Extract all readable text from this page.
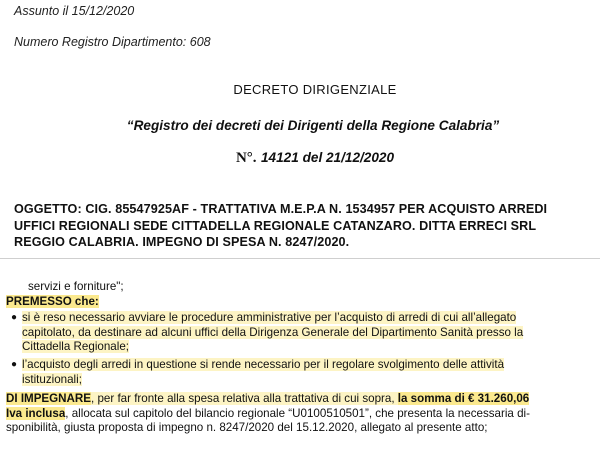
Assunto il 15/12/2020
Numero Registro Dipartimento: 608
DECRETO DIRIGENZIALE
“Registro dei decreti dei Dirigenti della Regione Calabria”
N°. 14121 del 21/12/2020
OGGETTO: CIG. 85547925AF - TRATTATIVA M.E.P.A N. 1534957 PER ACQUISTO ARREDI
UFFICI REGIONALI SEDE CITTADELLA REGIONALE CATANZARO. DITTA ERRECI SRL
REGGIO CALABRIA. IMPEGNO DI SPESA N. 8247/2020.
servizi e forniture";
PREMESSO che:
● si è reso necessario avviare le procedure amministrative per l’acquisto di arredi di cui all’allegato
capitolato, da destinare ad alcuni uffici della Dirigenza Generale del Dipartimento Sanità presso la
Cittadella Regionale;
● l’acquisto degli arredi in questione si rende necessario per il regolare svolgimento delle attività
istituzionali;
DI IMPEGNARE, per far fronte alla spesa relativa alla trattativa di cui sopra, la somma di € 31.260,06
Iva inclusa, allocata sul capitolo del bilancio regionale “U0100510501”, che presenta la necessaria di-
sponibilità, giusta proposta di impegno n. 8247/2020 del 15.12.2020, allegato al presente atto;
